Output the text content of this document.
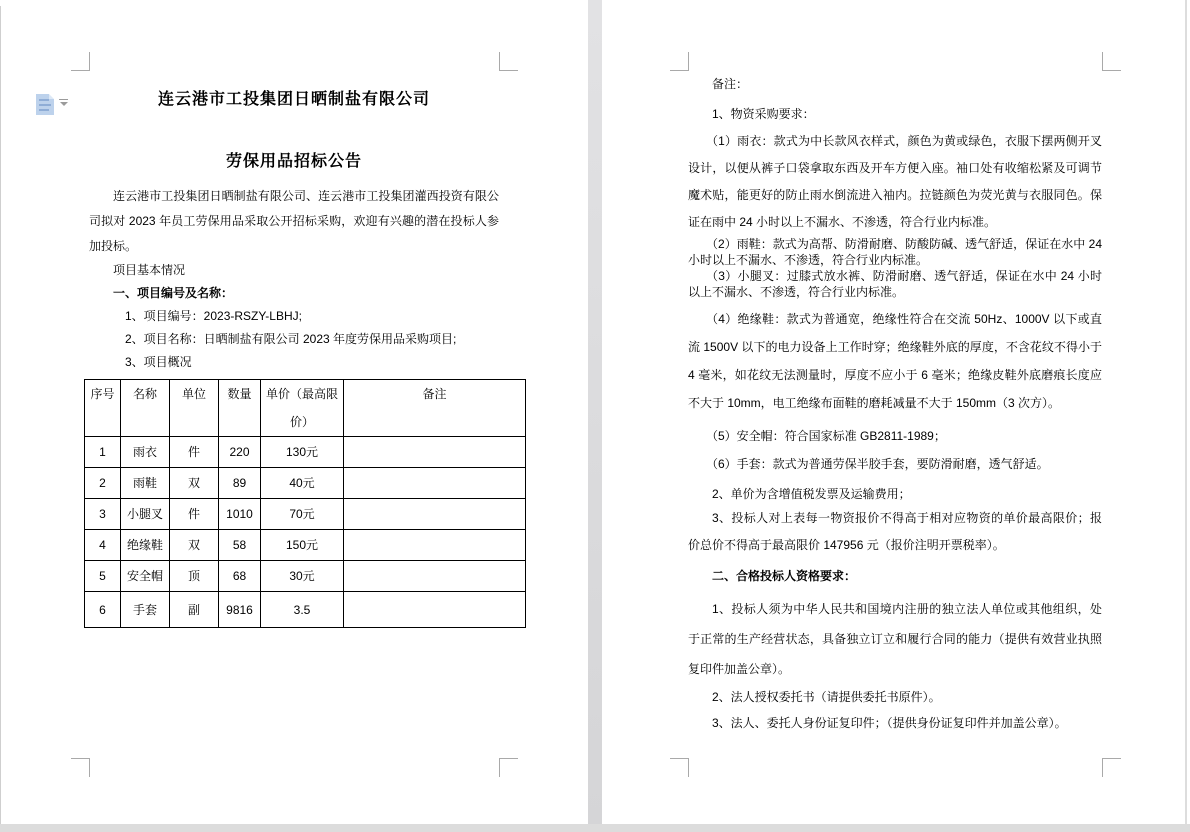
连云港市工投集团日晒制盐有限公司
劳保用品招标公告

连云港市工投集团日晒制盐有限公司、连云港市工投集团灌西投资有限公司拟对 2023 年员工劳保用品采取公开招标采购，欢迎有兴趣的潜在投标人参加投标。

项目基本情况

一、项目编号及名称：

1、项目编号：2023-RSZY-LBHJ;

2、项目名称：日晒制盐有限公司 2023 年度劳保用品采购项目;

3、项目概况

序号	名称	单位	数量	单价（最高限价）	备注
1	雨衣	件	220	130元	
2	雨鞋	双	89	40元	
3	小腿叉	件	1010	70元	
4	绝缘鞋	双	58	150元	
5	安全帽	顶	68	30元	
6	手套	副	9816	3.5	

备注：

1、物资采购要求：

（1）雨衣：款式为中长款风衣样式，颜色为黄或绿色，衣服下摆两侧开叉设计，以便从裤子口袋拿取东西及开车方便入座。袖口处有收缩松紧及可调节魔术贴，能更好的防止雨水倒流进入袖内。拉链颜色为荧光黄与衣服同色。保证在雨中 24 小时以上不漏水、不渗透，符合行业内标准。

（2）雨鞋：款式为高帮、防滑耐磨、防酸防碱、透气舒适，保证在水中 24 小时以上不漏水、不渗透，符合行业内标准。

（3）小腿叉：过膝式放水裤、防滑耐磨、透气舒适，保证在水中 24 小时以上不漏水、不渗透，符合行业内标准。

（4）绝缘鞋：款式为普通宽，绝缘性符合在交流 50Hz、1000V 以下或直流 1500V 以下的电力设备上工作时穿；绝缘鞋外底的厚度，不含花纹不得小于 4 毫米，如花纹无法测量时，厚度不应小于 6 毫米；绝缘皮鞋外底磨痕长度应不大于 10mm，电工绝缘布面鞋的磨耗减量不大于 150mm（3 次方）。

（5）安全帽：符合国家标准 GB2811-1989；

（6）手套：款式为普通劳保半胶手套，要防滑耐磨，透气舒适。

2、单价为含增值税发票及运输费用；

3、投标人对上表每一物资报价不得高于相对应物资的单价最高限价；报价总价不得高于最高限价 147956 元（报价注明开票税率）。

二、合格投标人资格要求：

1、投标人须为中华人民共和国境内注册的独立法人单位或其他组织，处于正常的生产经营状态，具备独立订立和履行合同的能力（提供有效营业执照复印件加盖公章）。

2、法人授权委托书（请提供委托书原件）。

3、法人、委托人身份证复印件；（提供身份证复印件并加盖公章）。
